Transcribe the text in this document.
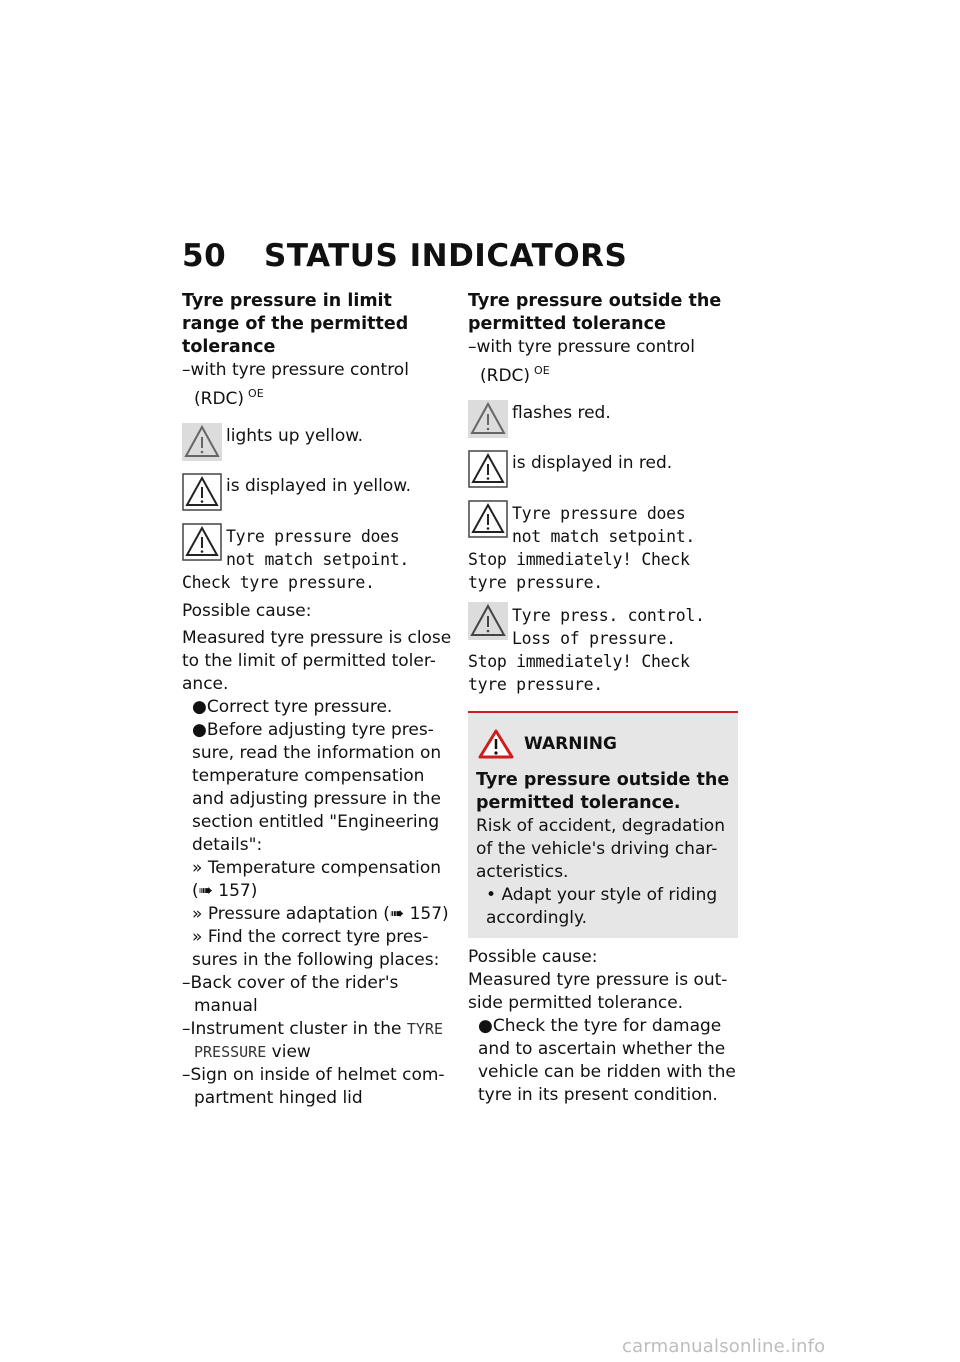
50 STATUS INDICATORS

Tyre pressure in limit range of the permitted tolerance

–with tyre pressure control (RDC) $^{OE}$

lights up yellow.
is displayed in yellow.
Tyre pressure does
not match setpoint.

Check tyre pressure.

Possible cause:

Measured tyre pressure is close to the limit of permitted toler-ance.

●Correct tyre pressure.

●Before adjusting tyre pres-sure, read the information on temperature compensation and adjusting pressure in the section entitled "Engineering details":

» Temperature compensation (➠ 157)

» Pressure adaptation (➠ 157)

» Find the correct tyre pres-sures in the following places:

–Back cover of the rider's manual

–Instrument cluster in the TYRE PRESSURE view

–Sign on inside of helmet com-partment hinged lid

Tyre pressure outside the permitted tolerance

–with tyre pressure control (RDC) $^{OE}$

flashes red.
is displayed in red.
Tyre pressure does
not match setpoint.

Stop immediately! Check

tyre pressure.

Tyre press. control.
Loss of pressure.

Stop immediately! Check

tyre pressure.

WARNING

Tyre pressure outside the permitted tolerance.

Risk of accident, degradation of the vehicle's driving char-acteristics.

• Adapt your style of riding accordingly.

Possible cause:

Measured tyre pressure is out-side permitted tolerance.

●Check the tyre for damage and to ascertain whether the vehicle can be ridden with the tyre in its present condition.

carmanualsonline.info
